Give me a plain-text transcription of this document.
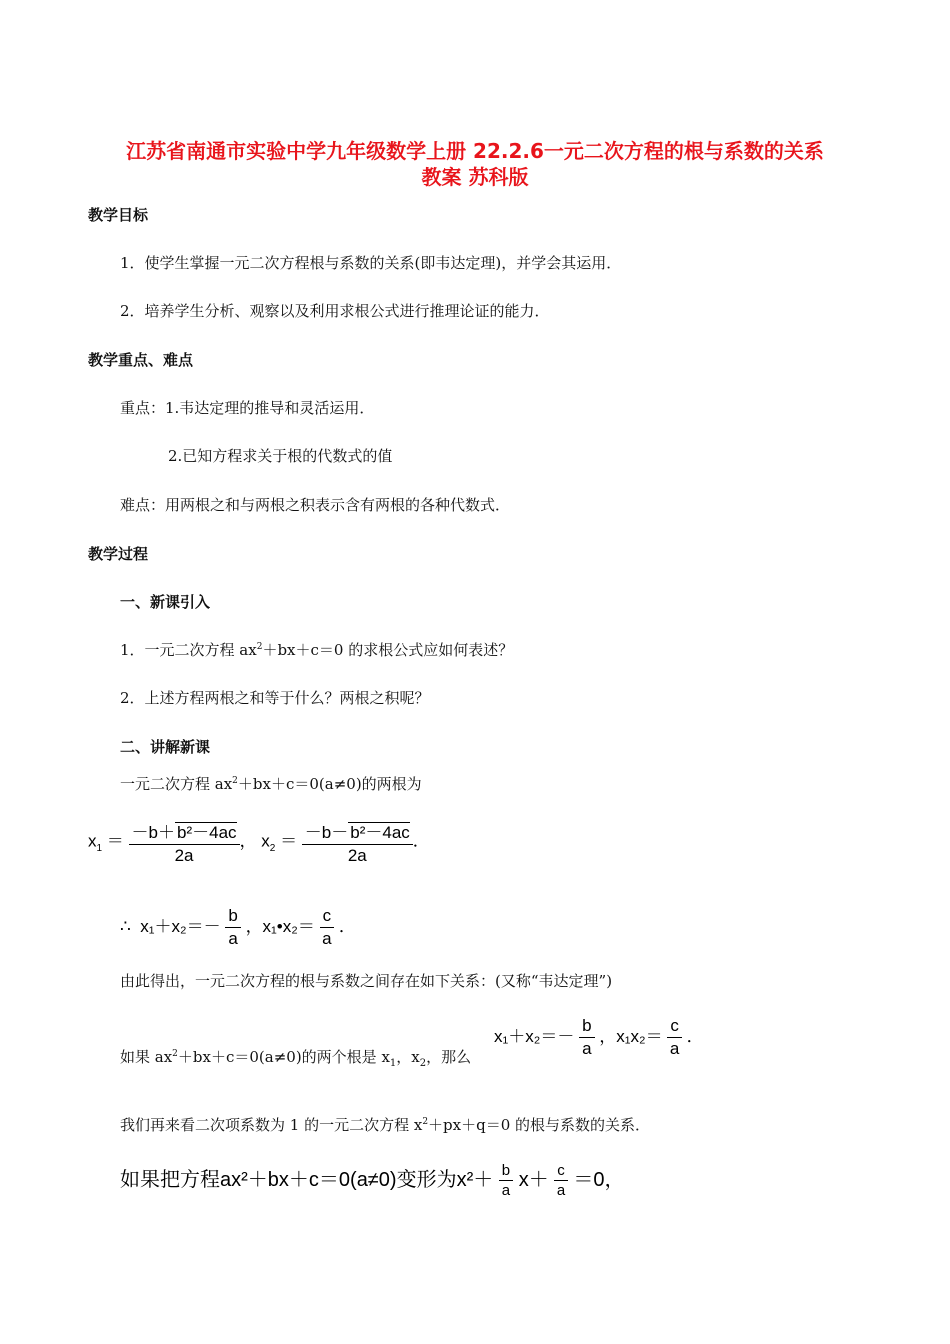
江苏省南通市实验中学九年级数学上册 22.2.6一元二次方程的根与系数的关系
教案 苏科版
教学目标
1．使学生掌握一元二次方程根与系数的关系(即韦达定理)，并学会其运用．
2．培养学生分析、观察以及利用求根公式进行推理论证的能力．
教学重点、难点
重点：1.韦达定理的推导和灵活运用．
2.已知方程求关于根的代数式的值
难点：用两根之和与两根之积表示含有两根的各种代数式．
教学过程
一、新课引入
1．一元二次方程 $ax^2+bx+c=0$ 的求根公式应如何表述？
2．上述方程两根之和等于什么？两根之积呢？
二、讲解新课
一元二次方程 $ax^2+bx+c=0(a\ne 0)$的两根为
$x_1 = \frac{\text{－b＋ b²－4ac}}{2a}$ ， $x_2 = \frac{\text{－b－ b²－4ac}}{2a}$ ．
∴ $x_1+x_2=- \frac{b}{a}$ ，x₁•x₂＝ $\frac{c}{a}$ ．
由此得出，一元二次方程的根与系数之间存在如下关系：(又称“韦达定理”)
如果 $ax^2+bx+c=0(a\ne 0)$的两个根是 $x_1$，$x_2$，那么
$x_1+x_2=- \frac{b}{a}$ ，$x_1x_2= \frac{c}{a}$ ．
我们再来看二次项系数为 1 的一元二次方程 $x^2+px+q=0$ 的根与系数的关系．
如果把方程ax²＋bx＋c＝0(a≠0)变形为$x^2+ \frac{b}{a} x+ \frac{c}{a} =0$，
